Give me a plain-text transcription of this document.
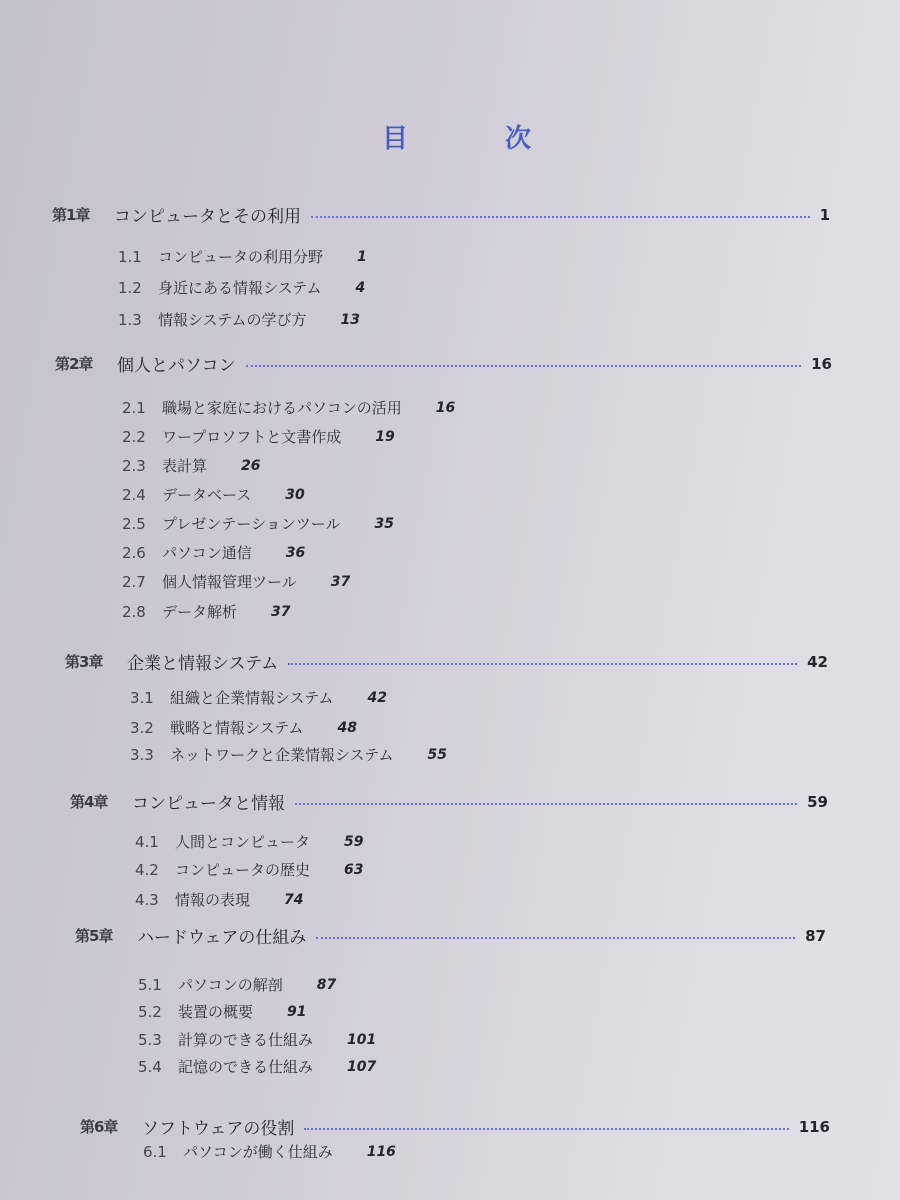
目 次
第1章	コンピュータとその利用	1
1.1	コンピュータの利用分野 1
1.2	身近にある情報システム 4
1.3	情報システムの学び方 13
第2章	個人とパソコン	16
2.1	職場と家庭におけるパソコンの活用 16
2.2	ワープロソフトと文書作成 19
2.3	表計算 26
2.4	データベース 30
2.5	プレゼンテーションツール 35
2.6	パソコン通信 36
2.7	個人情報管理ツール 37
2.8	データ解析 37
第3章	企業と情報システム	42
3.1	組織と企業情報システム 42
3.2	戦略と情報システム 48
3.3	ネットワークと企業情報システム 55
第4章	コンピュータと情報	59
4.1	人間とコンピュータ 59
4.2	コンピュータの歴史 63
4.3	情報の表現 74
第5章	ハードウェアの仕組み	87
5.1	パソコンの解剖 87
5.2	装置の概要 91
5.3	計算のできる仕組み 101
5.4	記憶のできる仕組み 107
第6章	ソフトウェアの役割	116
6.1	パソコンが働く仕組み 116
